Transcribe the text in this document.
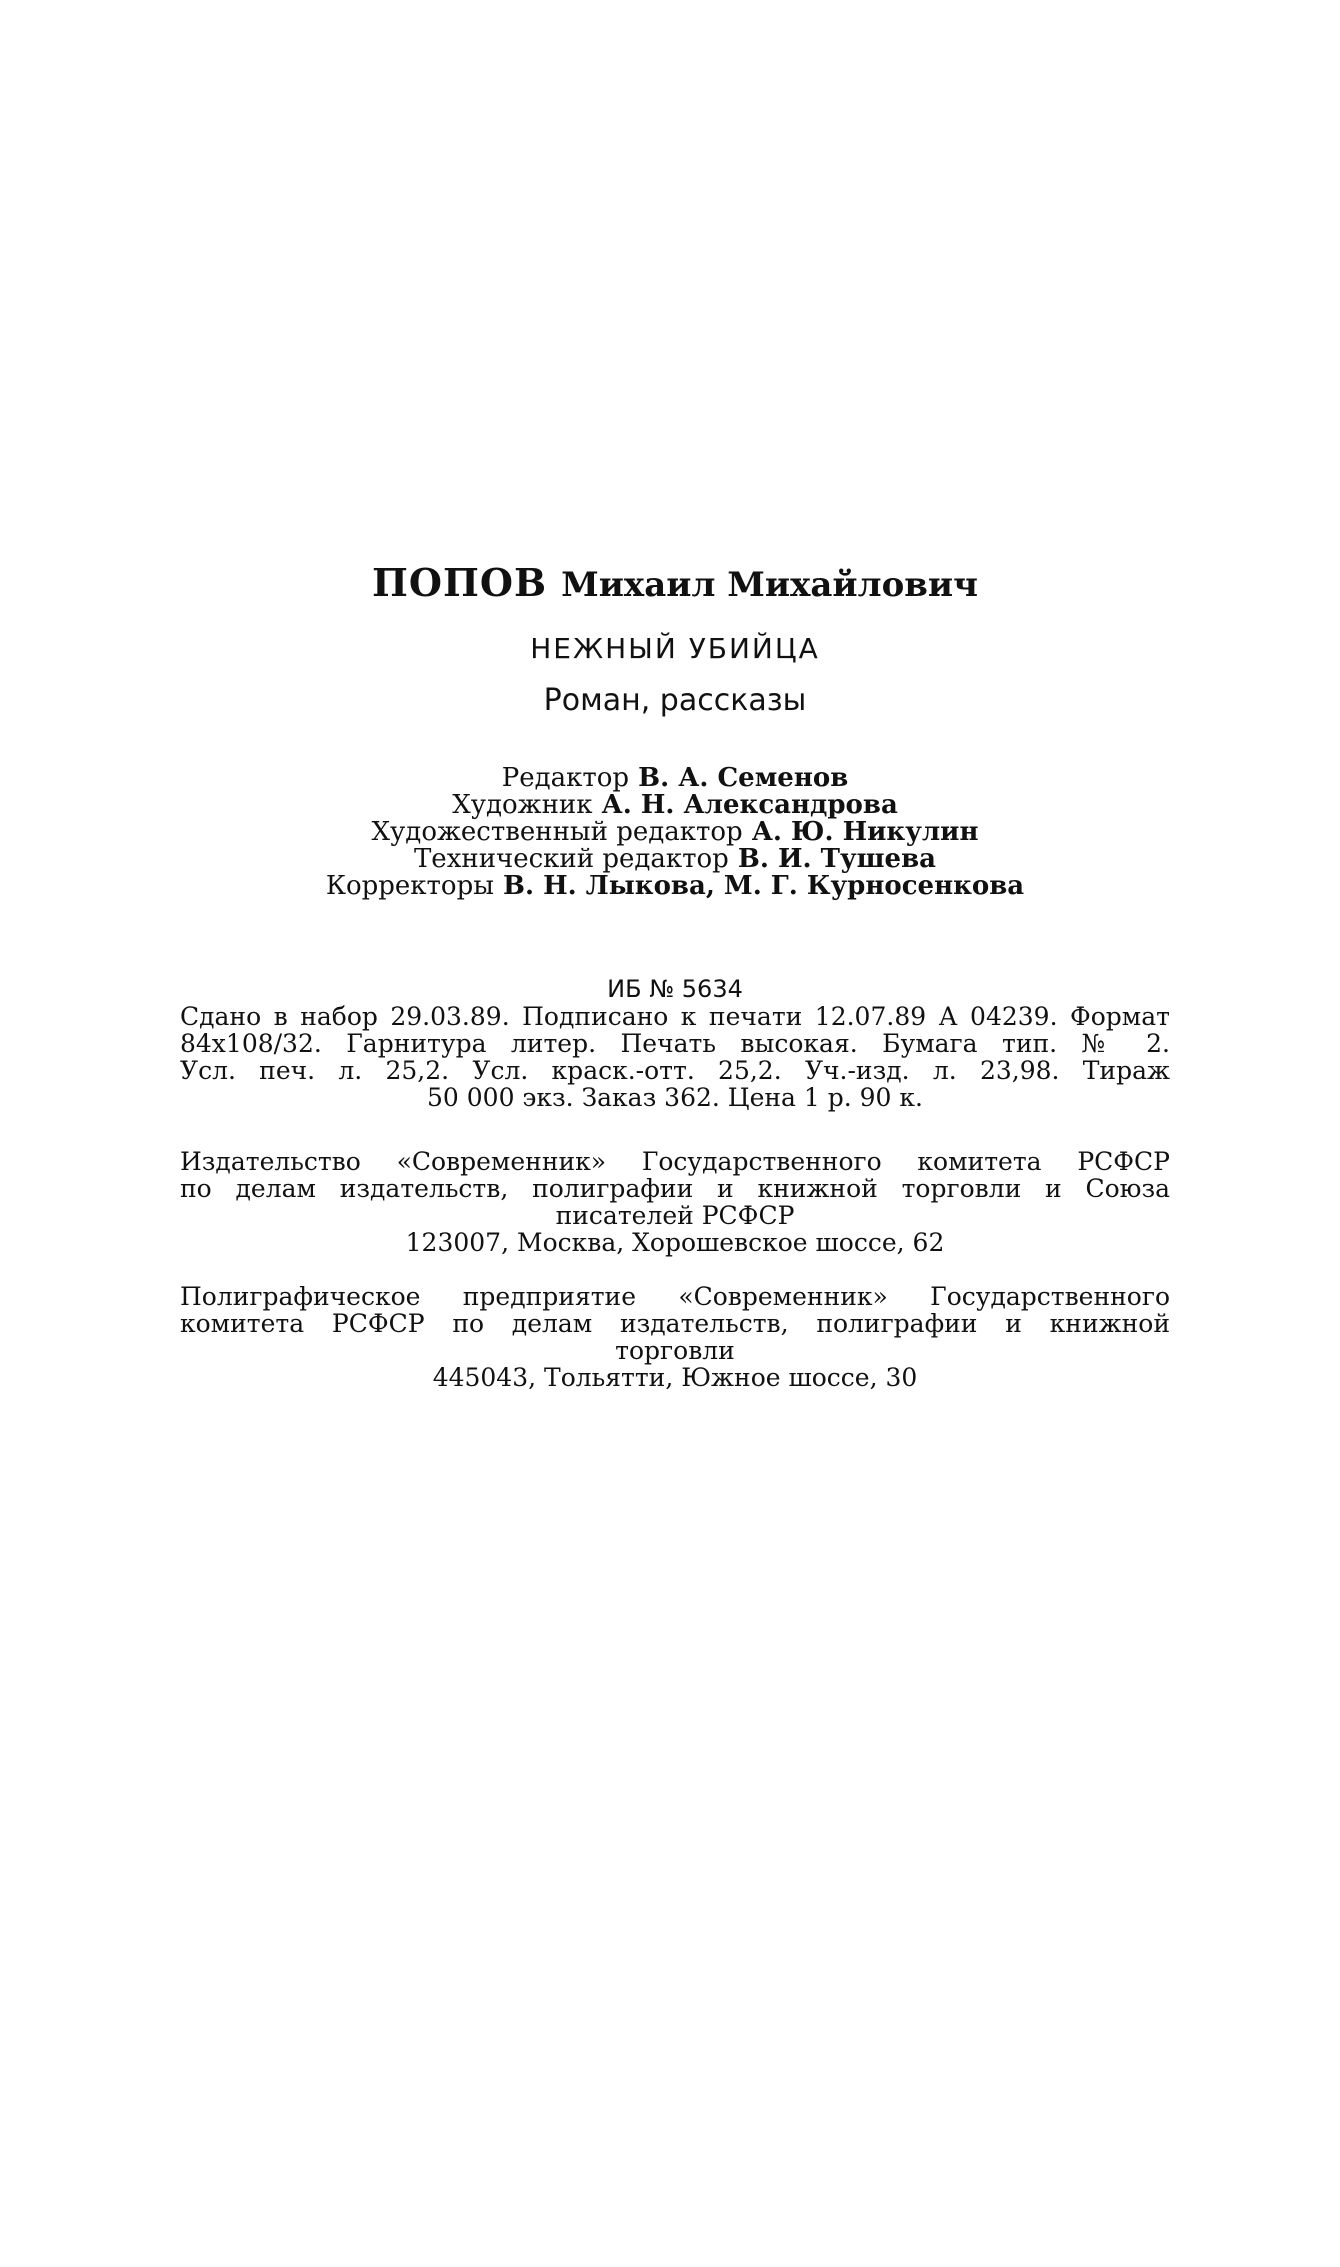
ПОПОВ Михаил Михайлович
НЕЖНЫЙ УБИЙЦА
Роман, рассказы
Редактор В. А. Семенов
Художник А. Н. Александрова
Художественный редактор А. Ю. Никулин
Технический редактор В. И. Тушева
Корректоры В. Н. Лыкова, М. Г. Курносенкова
ИБ № 5634
Сдано в набор 29.03.89. Подписано к печати 12.07.89 А 04239. Формат
84x108/32. Гарнитура литер. Печать высокая. Бумага тип. № 2.
Усл. печ. л. 25,2. Усл. краск.-отт. 25,2. Уч.-изд. л. 23,98. Тираж
50 000 экз. Заказ 362. Цена 1 р. 90 к.
Издательство «Современник» Государственного комитета РСФСР
по делам издательств, полиграфии и книжной торговли и Союза
писателей РСФСР
123007, Москва, Хорошевское шоссе, 62
Полиграфическое предприятие «Современник» Государственного
комитета РСФСР по делам издательств, полиграфии и книжной
торговли
445043, Тольятти, Южное шоссе, 30
